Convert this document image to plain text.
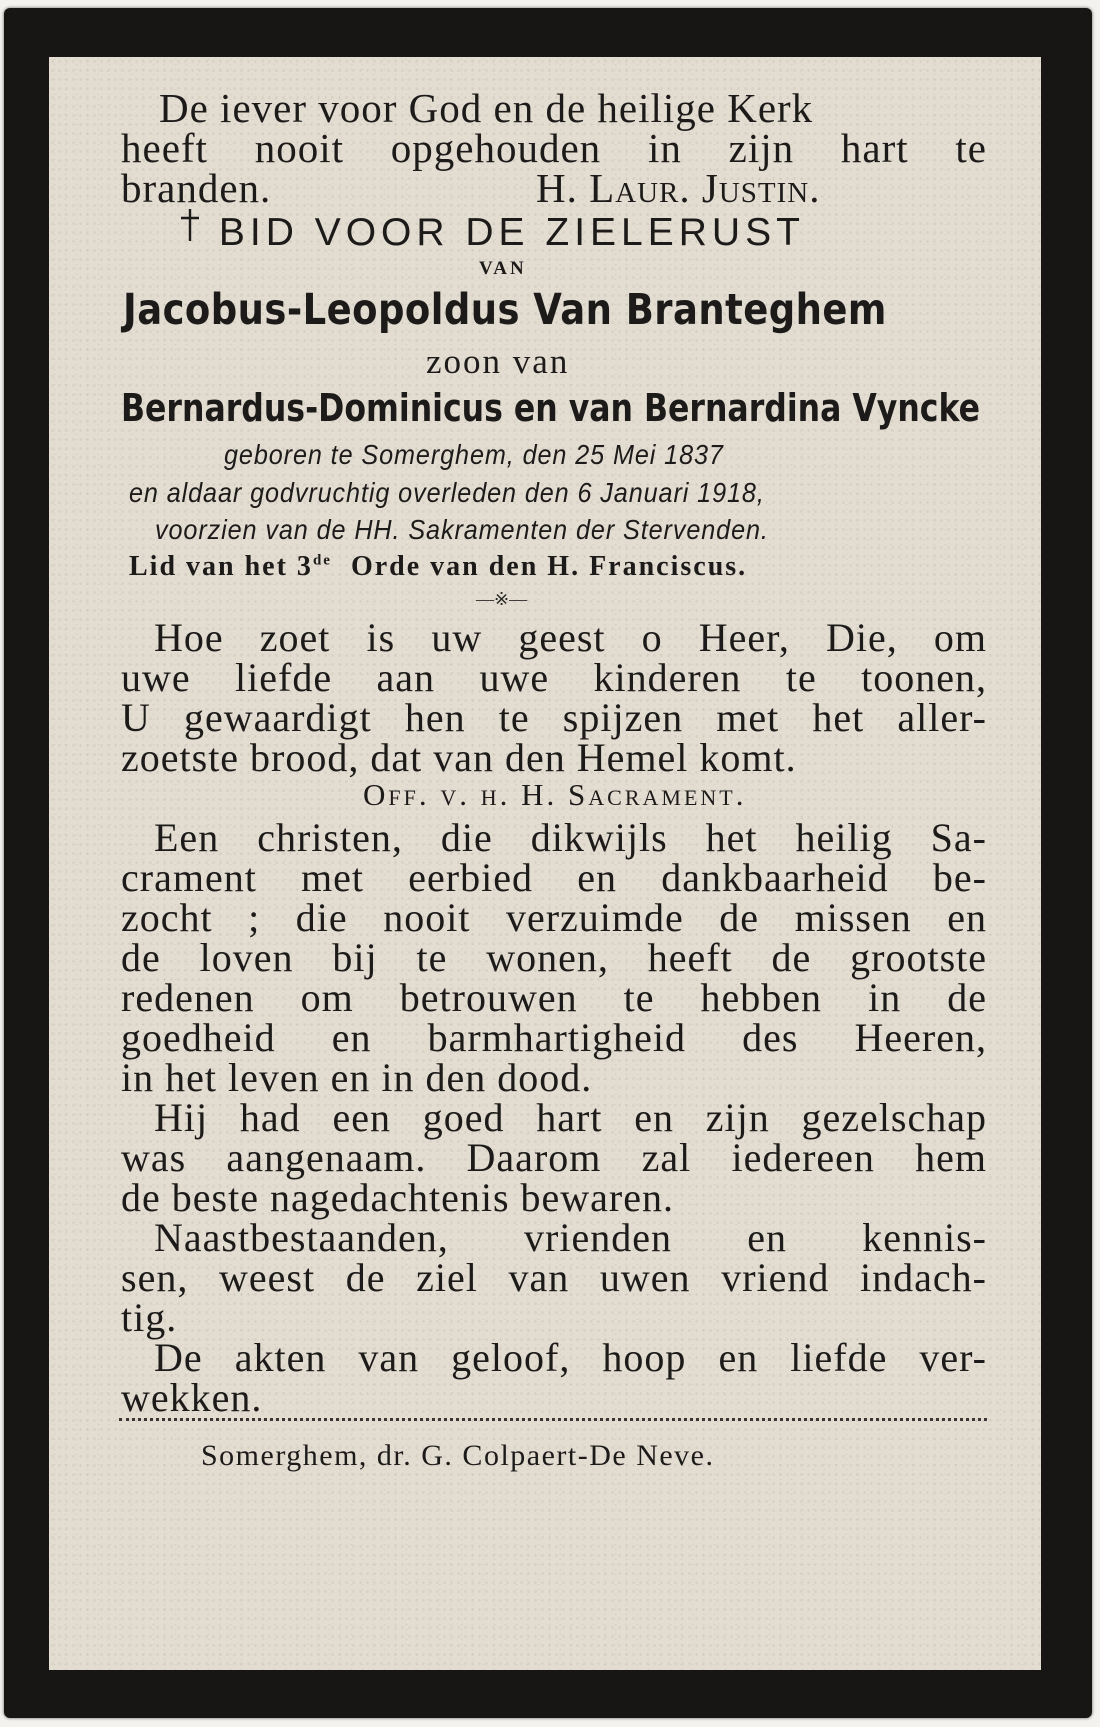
De iever voor God en de heilige Kerk
heeft nooit opgehouden in zijn hart te
branden.	H. Laur. Justin.
BID VOOR DE ZIELERUST
VAN
Jacobus-Leopoldus Van Branteghem
zoon van
Bernardus-Dominicus en van Bernardina Vyncke
geboren te Somerghem, den 25 Mei 1837
en aldaar godvruchtig overleden den 6 Januari 1918,
voorzien van de HH. Sakramenten der Stervenden.
Lid van het 3de Orde van den H. Franciscus.
—※—
Hoe zoet is uw geest o Heer, Die, om
uwe liefde aan uwe kinderen te toonen,
U gewaardigt hen te spijzen met het aller-
zoetste brood, dat van den Hemel komt.
Off. v. h. H. Sacrament.
Een christen, die dikwijls het heilig Sa-
crament met eerbied en dankbaarheid be-
zocht ; die nooit verzuimde de missen en
de loven bij te wonen, heeft de grootste
redenen om betrouwen te hebben in de
goedheid en barmhartigheid des Heeren,
in het leven en in den dood.
Hij had een goed hart en zijn gezelschap
was aangenaam. Daarom zal iedereen hem
de beste nagedachtenis bewaren.
Naastbestaanden, vrienden en kennis-
sen, weest de ziel van uwen vriend indach-
tig.
De akten van geloof, hoop en liefde ver-
wekken.
Somerghem, dr. G. Colpaert-De Neve.
